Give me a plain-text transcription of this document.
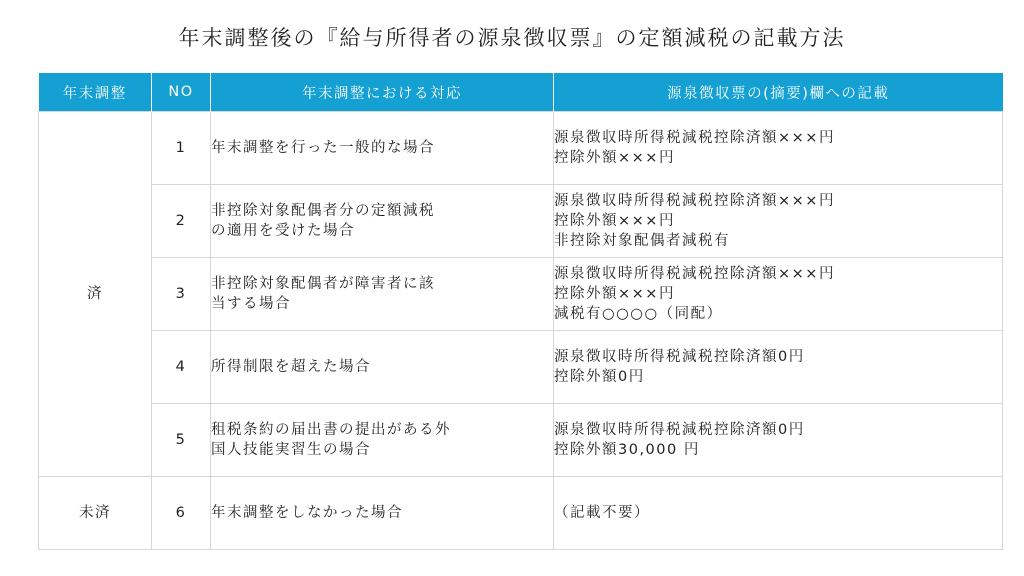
年末調整後の『給与所得者の源泉徴収票』の定額減税の記載方法
年末調整	NO	年末調整における対応	源泉徴収票の(摘要)欄への記載
済	1	年末調整を行った一般的な場合	源泉徴収時所得税減税控除済額×××円
控除外額×××円

	2	非控除対象配偶者分の定額減税
の適用を受けた場合	源泉徴収時所得税減税控除済額×××円
控除外額×××円
非控除対象配偶者減税有

	3	非控除対象配偶者が障害者に該
当する場合	源泉徴収時所得税減税控除済額×××円
控除外額×××円
減税有○○○○（同配）

	4	所得制限を超えた場合	源泉徴収時所得税減税控除済額0円
控除外額0円

	5	租税条約の届出書の提出がある外
国人技能実習生の場合	源泉徴収時所得税減税控除済額0円
控除外額30,000 円

未済	6	年末調整をしなかった場合	（記載不要）
